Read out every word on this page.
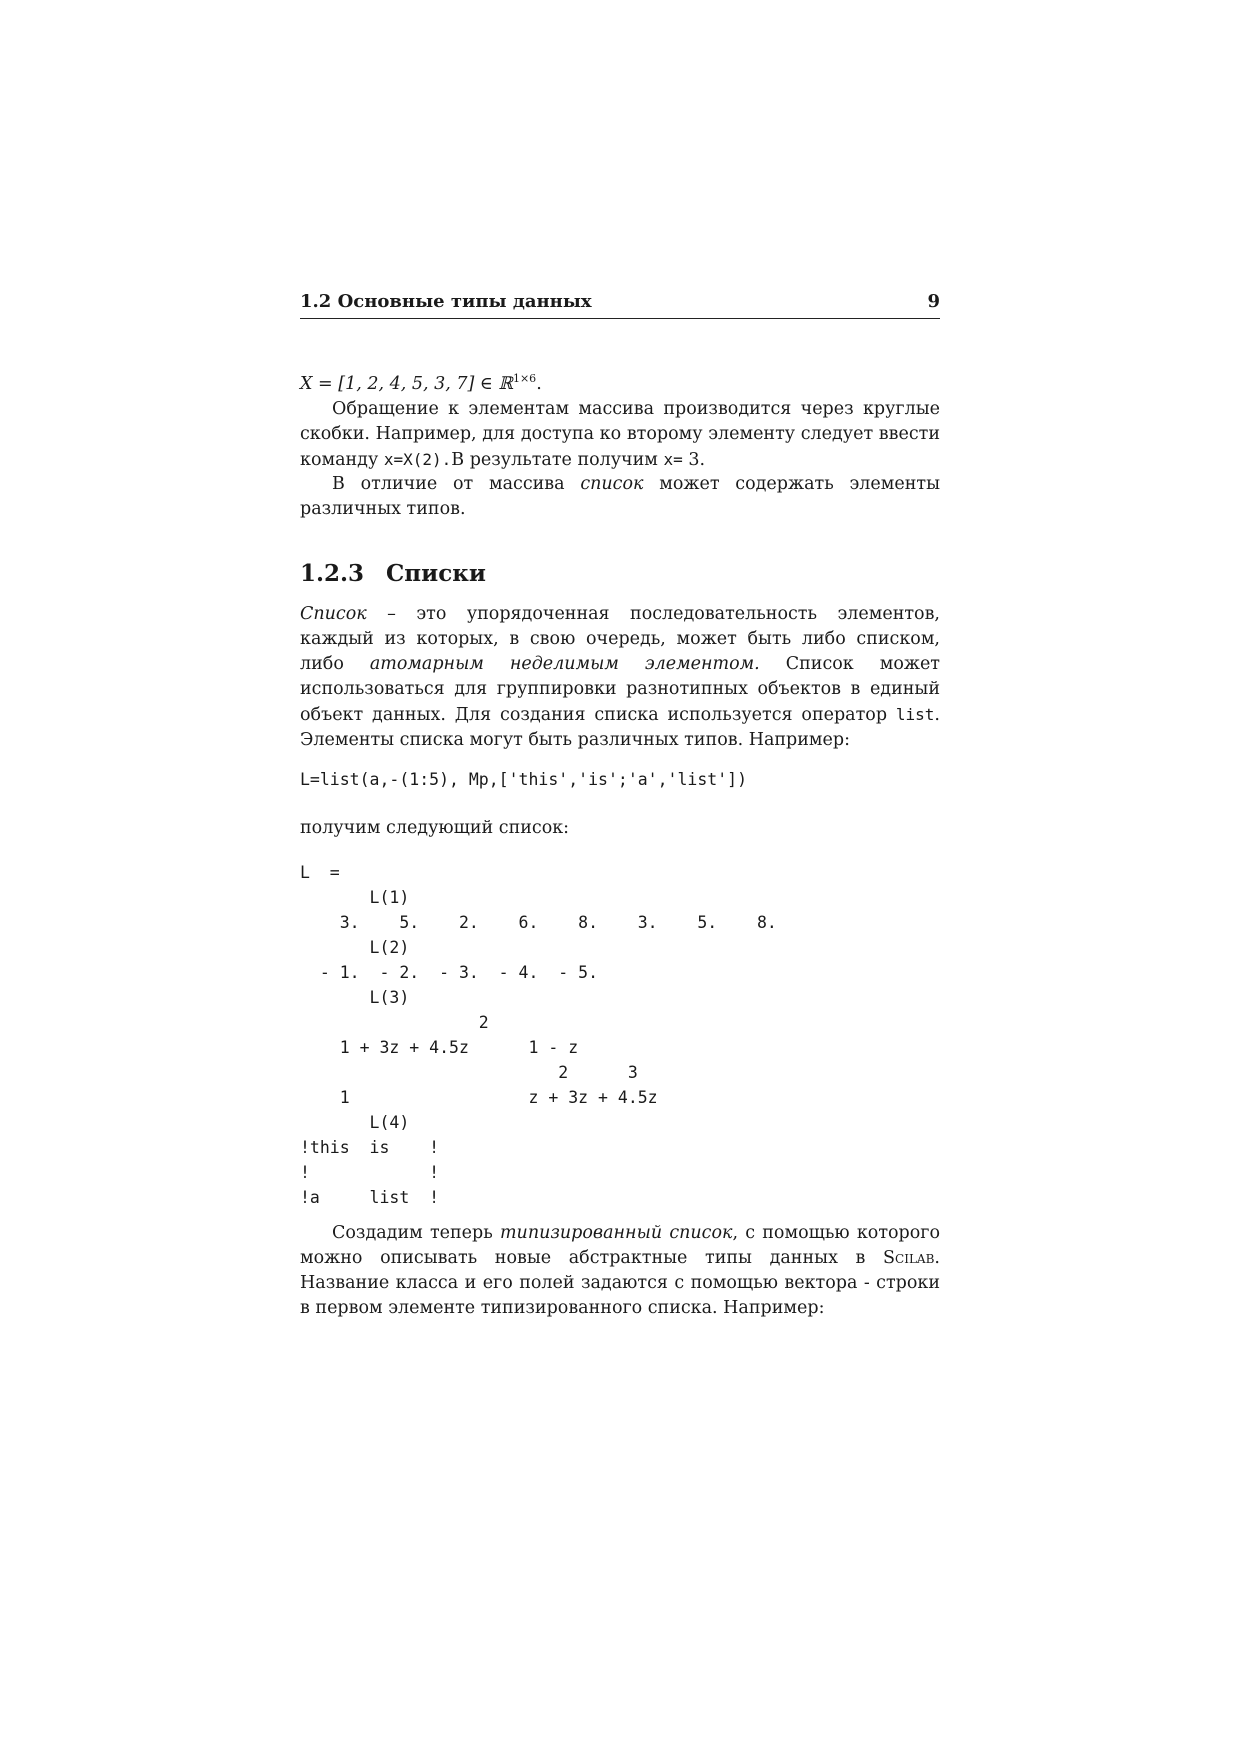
1.2 Основные типы данных	9
X = [1, 2, 4, 5, 3, 7] ∈ ℝ$^{1\times 6}$.
Обращение к элементам массива производится через круглые скобки. Например, для доступа ко второму элементу следует ввести команду x=X(2).В результате получим x= 3.
В отличие от массива список может содержать элементы различных типов.
1.2.3 Списки
Список – это упорядоченная последовательность элементов, каждый из которых, в свою очередь, может быть либо списком, либо атомарным неделимым элементом. Список может использоваться для группировки разнотипных объектов в единый объект данных. Для создания списка используется оператор list. Элементы списка могут быть различных типов. Например:
L=list(a,-(1:5), Mp,['this','is';'a','list'])
получим следующий список:
L  =
L(1)
3.    5.    2.    6.    8.    3.    5.    8.
L(2)
- 1.  - 2.  - 3.  - 4.  - 5.
L(3)
2
1 + 3z + 4.5z      1 - z
2      3
1                  z + 3z + 4.5z
L(4)
!this  is    !
!            !
!a     list  !
Создадим теперь типизированный список, с помощью которого можно описывать новые абстрактные типы данных в Scilab. Название класса и его полей задаются с помощью вектора - строки в первом элементе типизированного списка. Например:
